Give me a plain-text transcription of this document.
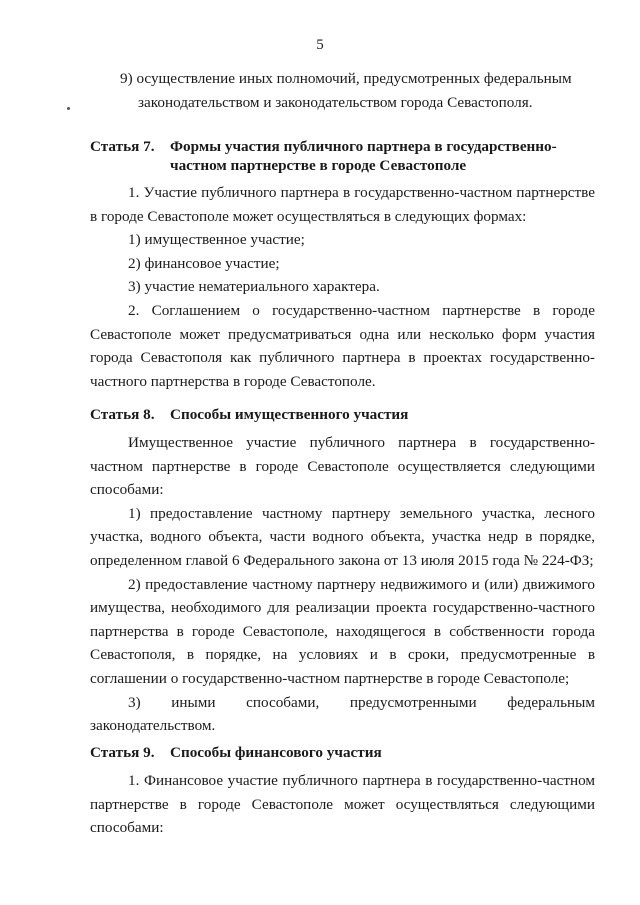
5
9) осуществление иных полномочий, предусмотренных федеральным
законодательством и законодательством города Севастополя.
Статья 7. Формы участия публичного партнера в государственно-
частном партнерстве в городе Севастополе

1. Участие публичного партнера в государственно-частном партнерстве в городе Севастополе может осуществляться в следующих формах:

1) имущественное участие;

2) финансовое участие;

3) участие нематериального характера.

2. Соглашением о государственно-частном партнерстве в городе Севастополе может предусматриваться одна или несколько форм участия города Севастополя как публичного партнера в проектах государственно-частного партнерства в городе Севастополе.

Статья 8. Способы имущественного участия

Имущественное участие публичного партнера в государственно-частном партнерстве в городе Севастополе осуществляется следующими способами:

1) предоставление частному партнеру земельного участка, лесного участка, водного объекта, части водного объекта, участка недр в порядке, определенном главой 6 Федерального закона от 13 июля 2015 года № 224-ФЗ;

2) предоставление частному партнеру недвижимого и (или) движимого имущества, необходимого для реализации проекта государственно-частного партнерства в городе Севастополе, находящегося в собственности города Севастополя, в порядке, на условиях и в сроки, предусмотренные в соглашении о государственно-частном партнерстве в городе Севастополе;

3) иными способами, предусмотренными федеральным
законодательством.
Статья 9. Способы финансового участия

1. Финансовое участие публичного партнера в государственно-частном партнерстве в городе Севастополе может осуществляться следующими способами:
